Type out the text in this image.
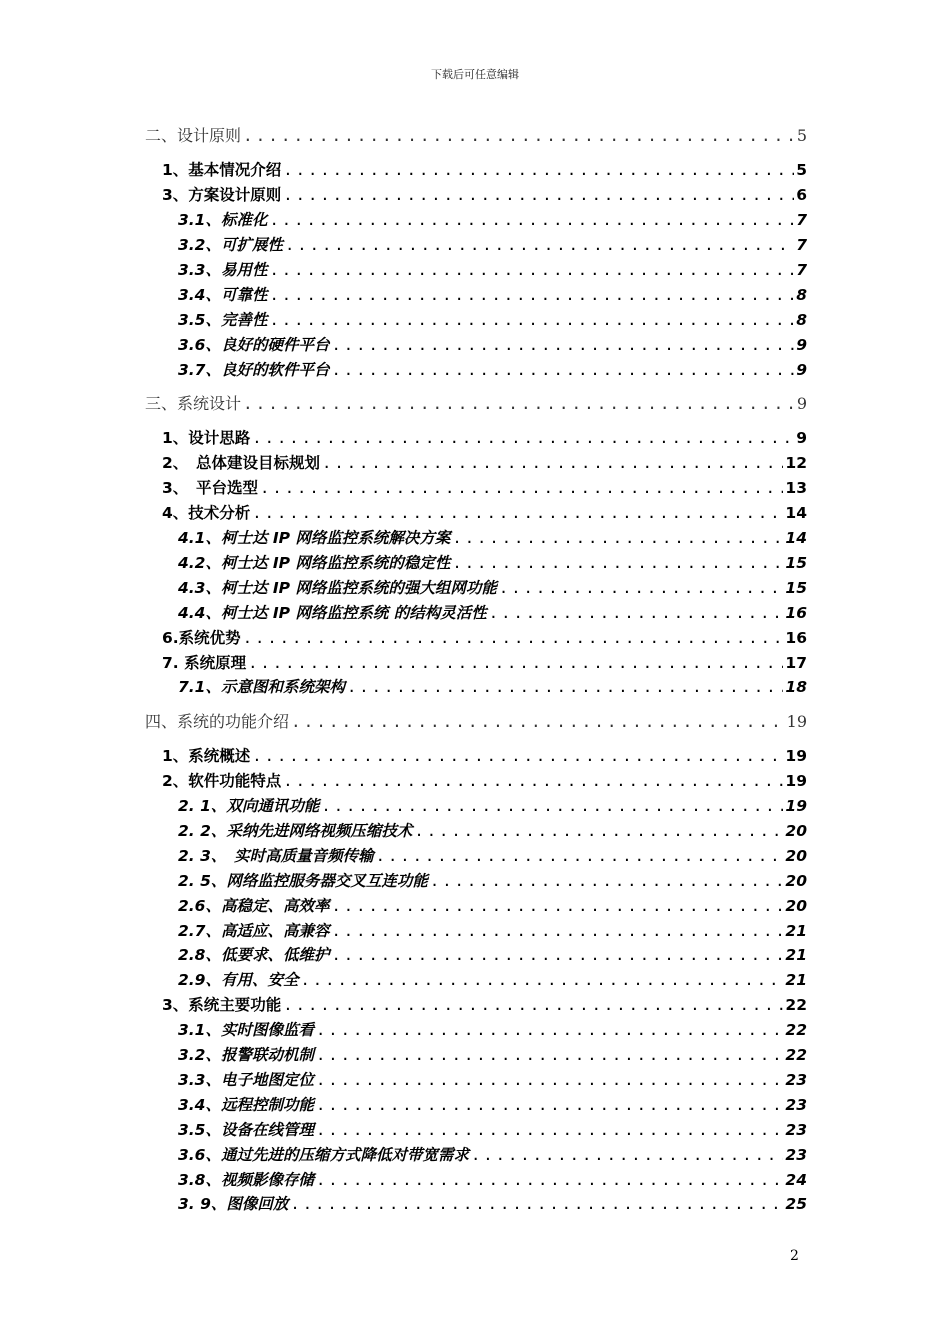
下载后可任意编辑
二、设计原则 .....	5
1、基本情况介绍 .....	5
3、方案设计原则 .....	6
3.1、标准化 .....	7
3.2、可扩展性 .....	7
3.3、易用性 .....	7
3.4、可靠性 .....	8
3.5、完善性 .....	8
3.6、良好的硬件平台 .....	9
3.7、良好的软件平台 .....	9
三、系统设计 .....	9
1、设计思路 .....	9
2、　总体建设目标规划 .....	12
3、　平台选型 .....	13
4、技术分析 .....	14
4.1、柯士达 IP 网络监控系统解决方案 .....	14
4.2、柯士达 IP 网络监控系统的稳定性 .....	15
4.3、柯士达 IP 网络监控系统的强大组网功能 .....	15
4.4、柯士达 IP 网络监控系统 的结构灵活性 .....	16
6.系统优势 .....	16
7. 系统原理 .....	17
7.1、示意图和系统架构 .....	18
四、系统的功能介绍 .....	19
1、系统概述 .....	19
2、软件功能特点 .....	19
2. 1、双向通讯功能 .....	19
2. 2、采纳先进网络视频压缩技术 .....	20
2. 3、　实时高质量音频传输 .....	20
2. 5、网络监控服务器交叉互连功能 .....	20
2.6、高稳定、高效率 .....	20
2.7、高适应、高兼容 .....	21
2.8、低要求、低维护 .....	21
2.9、有用、安全 .....	21
3、系统主要功能 .....	22
3.1、实时图像监看 .....	22
3.2、报警联动机制 .....	22
3.3、电子地图定位 .....	23
3.4、远程控制功能 .....	23
3.5、设备在线管理 .....	23
3.6、通过先进的压缩方式降低对带宽需求 .....	23
3.8、视频影像存储 .....	24
3. 9、图像回放 .....	25
2
